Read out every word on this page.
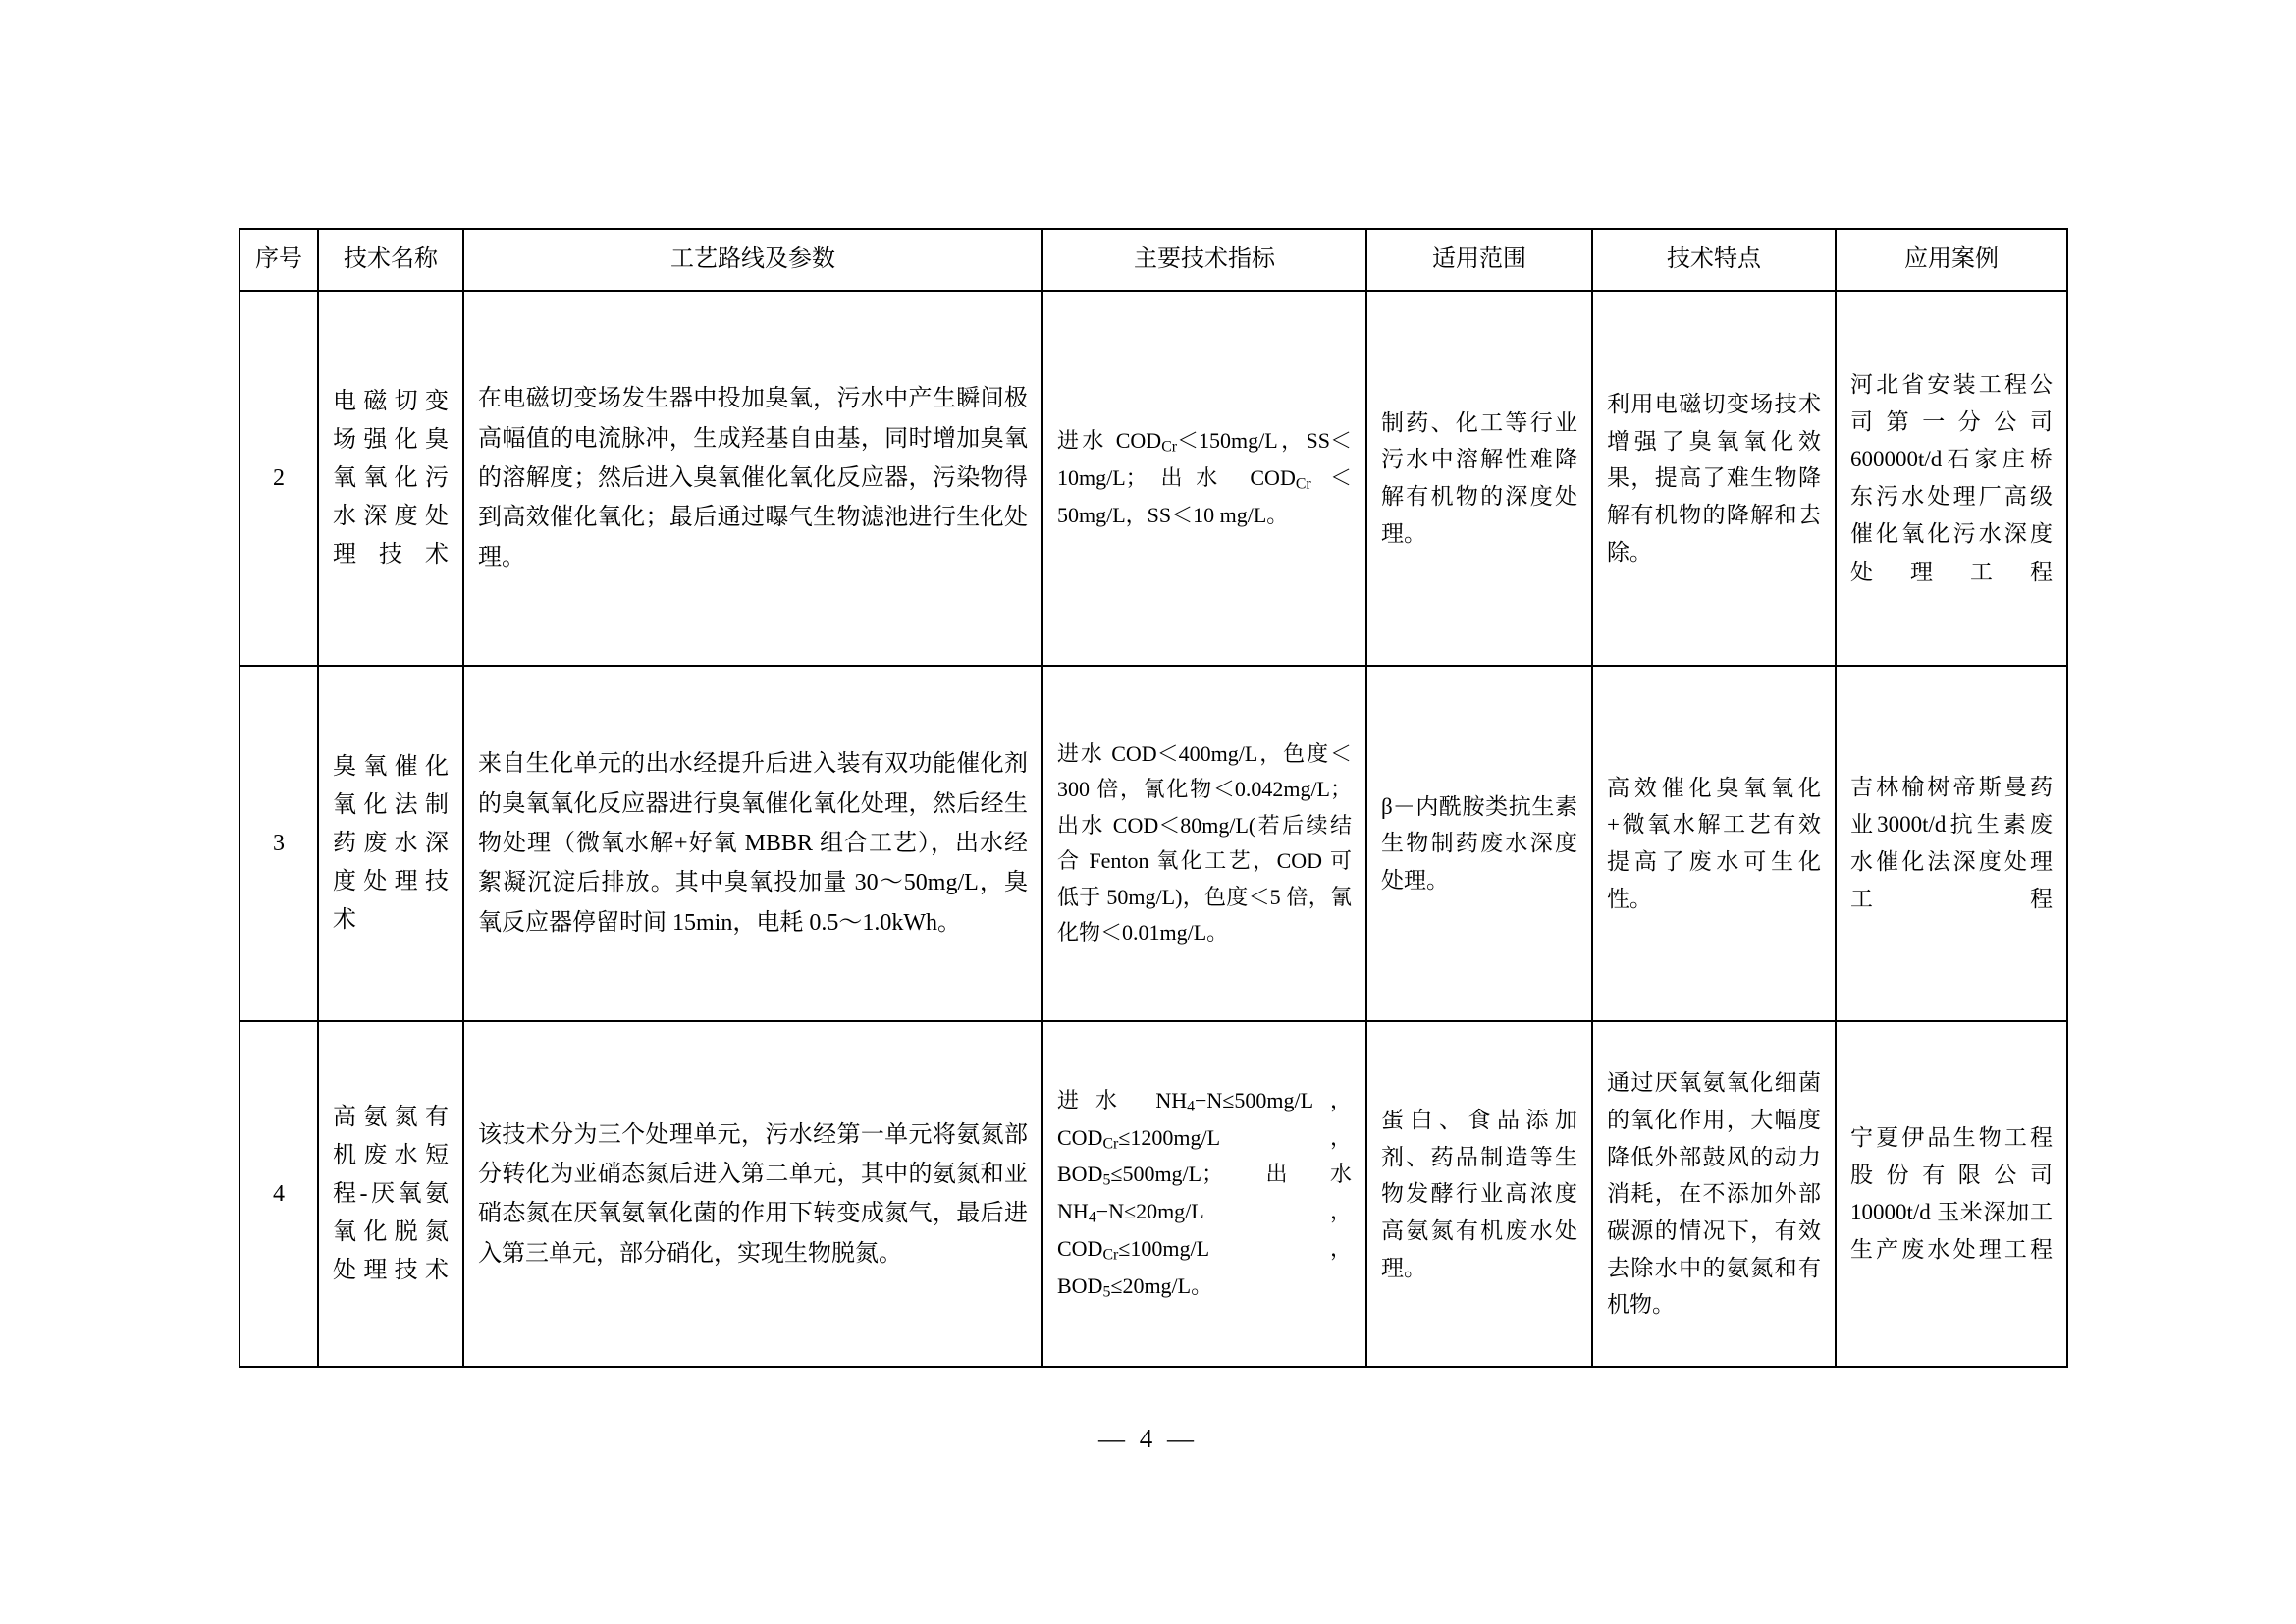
序号	技术名称	工艺路线及参数	主要技术指标	适用范围	技术特点	应用案例
2	电磁切变场强化臭氧氧化污水深度处理技术	在电磁切变场发生器中投加臭氧，污水中产生瞬间极高幅值的电流脉冲，生成羟基自由基，同时增加臭氧的溶解度；然后进入臭氧催化氧化反应器，污染物得到高效催化氧化；最后通过曝气生物滤池进行生化处理。	进水 $COD_{Cr}<150mg/L$，SS＜10mg/L；出水 $COD_{Cr} <50mg/L$，SS＜10 mg/L。	制药、化工等行业污水中溶解性难降解有机物的深度处理。	利用电磁切变场技术增强了臭氧氧化效果，提高了难生物降解有机物的降解和去除。	河北省安装工程公司第一分公司600000t/d石家庄桥东污水处理厂高级催化氧化污水深度处理工程
3	臭氧催化氧化法制药废水深度处理技术	来自生化单元的出水经提升后进入装有双功能催化剂的臭氧氧化反应器进行臭氧催化氧化处理，然后经生物处理（微氧水解+好氧 MBBR 组合工艺），出水经絮凝沉淀后排放。其中臭氧投加量 30～50mg/L，臭氧反应器停留时间 15min，电耗 0.5～1.0kWh。	进水 COD＜400mg/L，色度＜300 倍，氰化物＜0.042mg/L；出水 COD＜80mg/L(若后续结合 Fenton 氧化工艺，COD 可低于 50mg/L)，色度＜5 倍，氰化物＜0.01mg/L。	β－内酰胺类抗生素生物制药废水深度处理。	高效催化臭氧氧化+微氧水解工艺有效提高了废水可生化性。	吉林榆树帝斯曼药业3000t/d抗生素废水催化法深度处理工程
4	高氨氮有机废水短程-厌氧氨氧化脱氮处理技术	该技术分为三个处理单元，污水经第一单元将氨氮部分转化为亚硝态氮后进入第二单元，其中的氨氮和亚硝态氮在厌氧氨氧化菌的作用下转变成氮气，最后进入第三单元，部分硝化，实现生物脱氮。	进水 $NH_4-N\le 500mg/L$，$COD_{Cr}\le 1200mg/L$，$BOD_5\le 500mg/L$；出水 $NH_4-N\le 20mg/L$，$COD_{Cr}\le 100mg/L$， $BOD_5\le 20mg/L$。	蛋白、食品添加剂、药品制造等生物发酵行业高浓度高氨氮有机废水处理。	通过厌氧氨氧化细菌的氧化作用，大幅度降低外部鼓风的动力消耗，在不添加外部碳源的情况下，有效去除水中的氨氮和有机物。	宁夏伊品生物工程股份有限公司10000t/d 玉米深加工生产废水处理工程
— 4 —
